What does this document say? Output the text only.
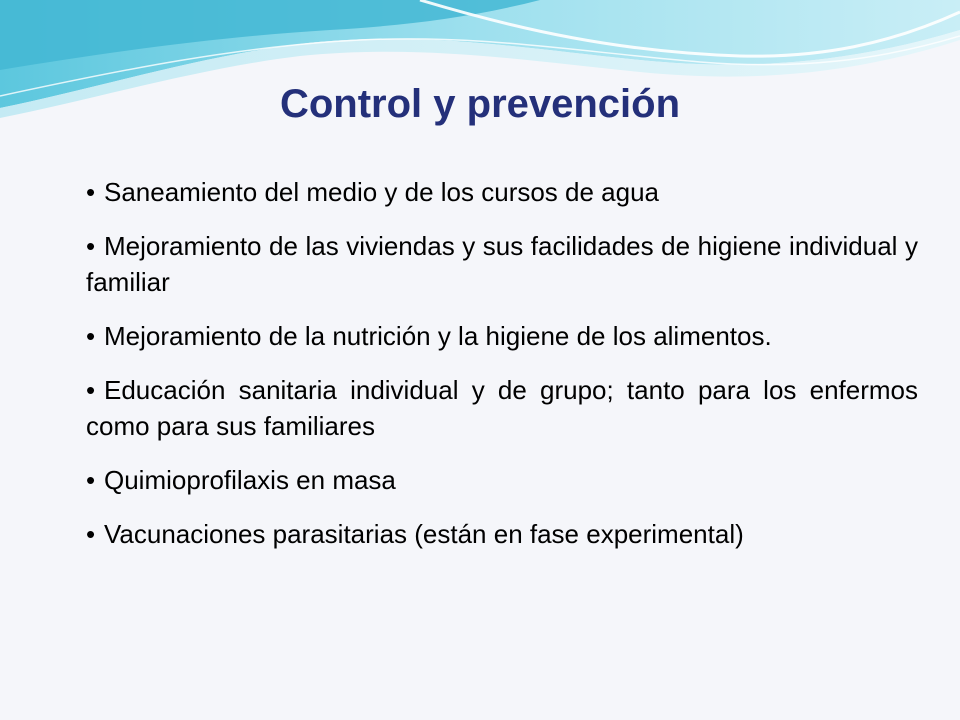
Control y prevención
• Saneamiento del medio y de los cursos de agua
• Mejoramiento de las viviendas y sus facilidades de higiene individual y familiar
• Mejoramiento de la nutrición y la higiene de los alimentos.
• Educación sanitaria individual y de grupo; tanto para los enfermos como para sus familiares
• Quimioprofilaxis en masa
• Vacunaciones parasitarias (están en fase experimental)
